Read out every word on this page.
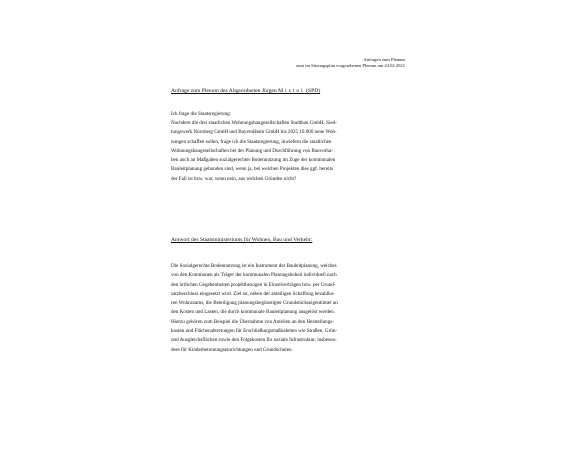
Anfragen zum Plenum
zum im Sitzungsplan vorgesehenen Plenum am 24.02.2021
Anfrage zum Plenum des Abgeordneten Jürgen Mistol (SPD)
Ich frage die Staatsregierung:
Nachdem die drei staatlichen Wohnungsbaugesellschaften Stadtbau GmbH, Sied-
lungswerk Nürnberg GmbH und BayernHeim GmbH bis 2025 10.000 neue Woh-
nungen schaffen sollen, frage ich die Staatsregierung, inwiefern die staatlichen
Wohnungsbaugesellschaften bei der Planung und Durchführung von Bauvorha-
ben auch an Maßgaben sozialgerechter Bodennutzung im Zuge der kommunalen
Bauleitplanung gebunden sind, wenn ja, bei welchen Projekten dies ggf. bereits
der Fall ist bzw. war, wenn nein, aus welchen Gründen nicht?
Antwort des Staatsministeriums für Wohnen, Bau und Verkehr:
Die Sozialgerechte Bodennutzung ist ein Instrument der Bauleitplanung, welches
von den Kommunen als Träger der kommunalen Planungshoheit individuell nach
den örtlichen Gegebenheiten projektbezogen in Einzelverträgen bzw. per Grund-
satzbeschluss eingesetzt wird. Ziel ist, neben der anteiligen Schaffung bezahlba-
ren Wohnraums, die Beteiligung planungsbegünstigter Grundstückseigentümer an
den Kosten und Lasten, die durch kommunale Bauleitplanung ausgelöst werden.
Hierzu gehören zum Beispiel die Übernahme von Anteilen an den Herstellungs-
kosten und Flächenabtretungen für Erschließungsmaßnahmen wie Straßen, Grün-
und Ausgleichsflächen sowie den Folgekosten für soziale Infrastruktur, insbeson-
dere für Kinderbetreuungseinrichtungen und Grundschulen.
